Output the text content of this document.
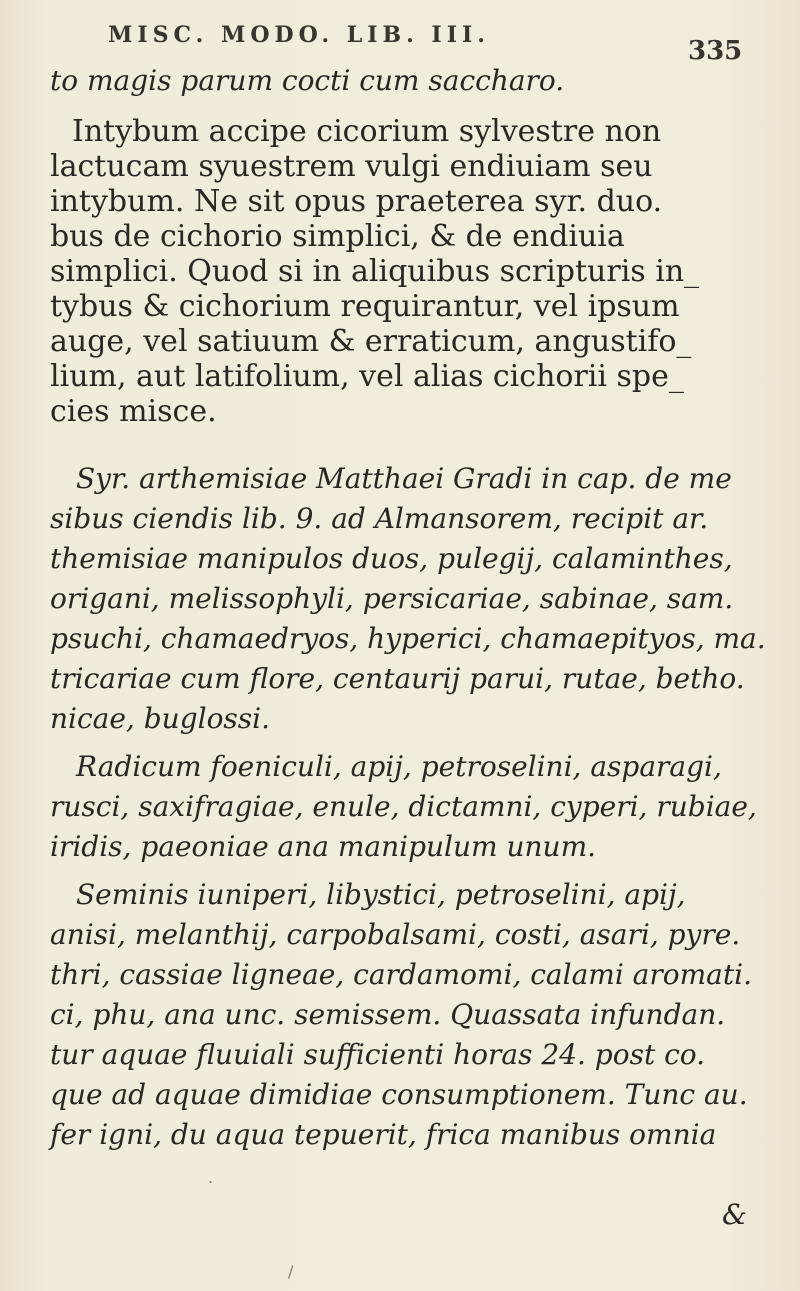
MISC. MODO. LIB. III.
335
to magis parum cocti cum saccharo.
Intybum accipe cicorium sylvestre non
lactucam syuestrem vulgi endiuiam seu
intybum. Ne sit opus praeterea syr. duo.
bus de cichorio simplici, & de endiuia
simplici. Quod si in aliquibus scripturis in_
tybus & cichorium requirantur, vel ipsum
auge, vel satiuum & erraticum, angustifo_
lium, aut latifolium, vel alias cichorii spe_
cies misce.
Syr. arthemisiae Matthaei Gradi in cap. de me
sibus ciendis lib. 9. ad Almansorem, recipit ar.
themisiae manipulos duos, pulegij, calaminthes,
origani, melissophyli, persicariae, sabinae, sam.
psuchi, chamaedryos, hyperici, chamaepityos, ma.
tricariae cum flore, centaurij parui, rutae, betho.
nicae, buglossi.
Radicum foeniculi, apij, petroselini, asparagi,
rusci, saxifragiae, enule, dictamni, cyperi, rubiae,
iridis, paeoniae ana manipulum unum.
Seminis iuniperi, libystici, petroselini, apij,
anisi, melanthij, carpobalsami, costi, asari, pyre.
thri, cassiae ligneae, cardamomi, calami aromati.
ci, phu, ana unc. semissem. Quassata infundan.
tur aquae fluuiali sufficienti horas 24. post co.
que ad aquae dimidiae consumptionem. Tunc au.
fer igni, du aqua tepuerit, frica manibus omnia
&
/
.
